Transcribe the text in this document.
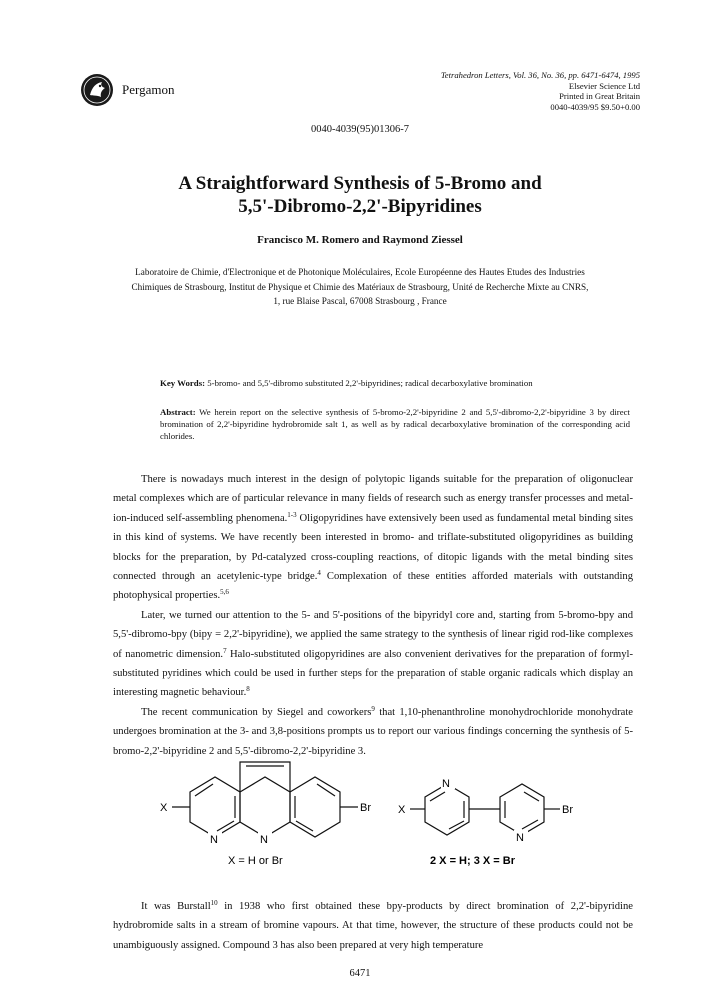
Pergamon
Tetrahedron Letters, Vol. 36, No. 36, pp. 6471-6474, 1995
Elsevier Science Ltd
Printed in Great Britain
0040-4039/95 $9.50+0.00
0040-4039(95)01306-7
A Straightforward Synthesis of 5-Bromo and
5,5'-Dibromo-2,2'-Bipyridines
Francisco M. Romero and Raymond Ziessel
Laboratoire de Chimie, d'Electronique et de Photonique Moléculaires, Ecole Européenne des Hautes Etudes des Industries
Chimiques de Strasbourg, Institut de Physique et Chimie des Matériaux de Strasbourg, Unité de Recherche Mixte au CNRS,
1, rue Blaise Pascal, 67008 Strasbourg , France
Key Words: 5-bromo- and 5,5'-dibromo substituted 2,2'-bipyridines; radical decarboxylative bromination
Abstract: We herein report on the selective synthesis of 5-bromo-2,2'-bipyridine 2 and 5,5'-dibromo-2,2'-bipyridine 3 by direct bromination of 2,2'-bipyridine hydrobromide salt 1, as well as by radical decarboxylative bromination of the corresponding acid chlorides.

There is nowadays much interest in the design of polytopic ligands suitable for the preparation of oligonuclear metal complexes which are of particular relevance in many fields of research such as energy transfer processes and metal-ion-induced self-assembling phenomena.$^{1-3}$ Oligopyridines have extensively been used as fundamental metal binding sites in this kind of systems. We have recently been interested in bromo- and triflate-substituted oligopyridines as building blocks for the preparation, by Pd-catalyzed cross-coupling reactions, of ditopic ligands with the metal binding sites connected through an acetylenic-type bridge.$^4$ Complexation of these entities afforded materials with outstanding photophysical properties.$^{5,6}$

Later, we turned our attention to the 5- and 5'-positions of the bipyridyl core and, starting from 5-bromo-bpy and 5,5'-dibromo-bpy (bipy = 2,2'-bipyridine), we applied the same strategy to the synthesis of linear rigid rod-like complexes of nanometric dimension.$^7$ Halo-substituted oligopyridines are also convenient derivatives for the preparation of formyl-substituted pyridines which could be used in further steps for the preparation of stable organic radicals which display an interesting magnetic behaviour.$^8$

The recent communication by Siegel and coworkers$^9$ that 1,10-phenanthroline monohydrochloride monohydrate undergoes bromination at the 3- and 3,8-positions prompts us to report our various findings concerning the synthesis of 5-bromo-2,2'-bipyridine 2 and 5,5'-dibromo-2,2'-bipyridine 3.

X	Br
N	N
X = H or Br
N
N
X	Br
2 X = H; 3 X = Br

It was Burstall$^{10}$ in 1938 who first obtained these bpy-products by direct bromination of 2,2'-bipyridine hydrobromide salts in a stream of bromine vapours. At that time, however, the structure of these products could not be unambiguously assigned. Compound 3 has also been prepared at very high temperature

6471
